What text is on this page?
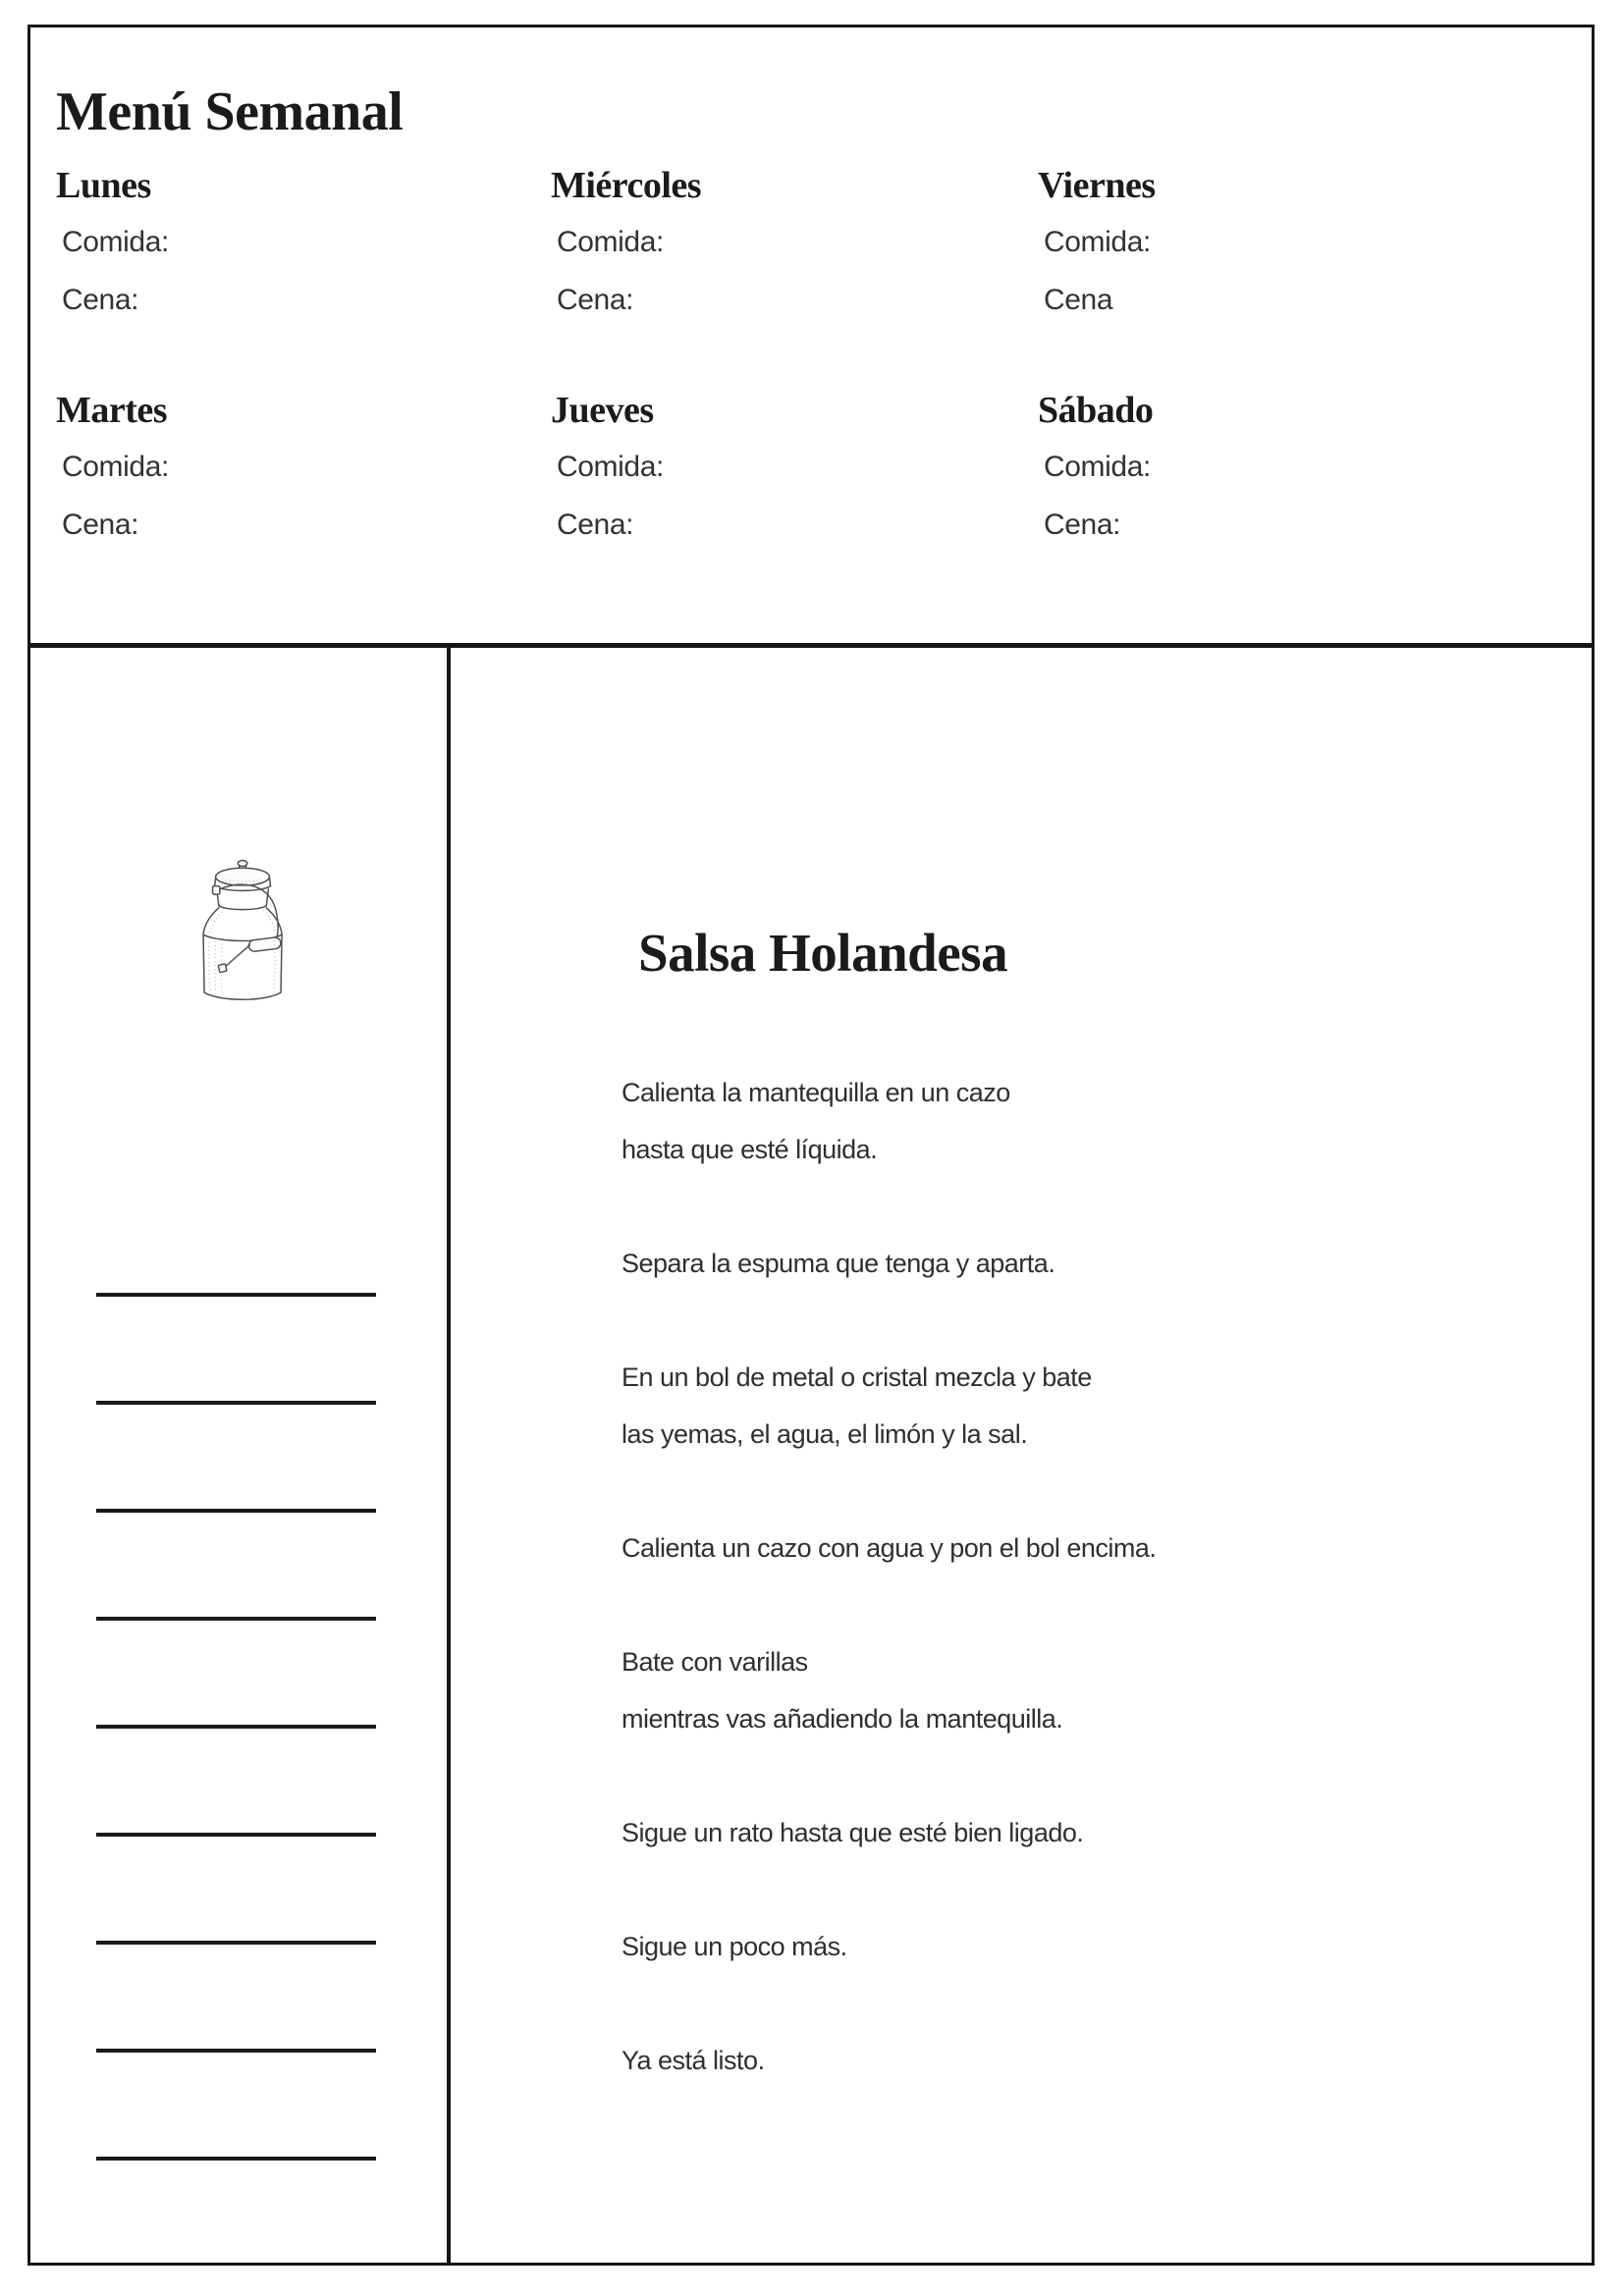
Menú Semanal
Lunes
Comida:
Cena:
Miércoles
Comida:
Cena:
Viernes
Comida:
Cena
Martes
Comida:
Cena:
Jueves
Comida:
Cena:
Sábado
Comida:
Cena:
Salsa Holandesa
Calienta la mantequilla en un cazo
hasta que esté líquida.
Separa la espuma que tenga y aparta.
En un bol de metal o cristal mezcla y bate
las yemas, el agua, el limón y la sal.
Calienta un cazo con agua y pon el bol encima.
Bate con varillas
mientras vas añadiendo la mantequilla.
Sigue un rato hasta que esté bien ligado.
Sigue un poco más.
Ya está listo.
